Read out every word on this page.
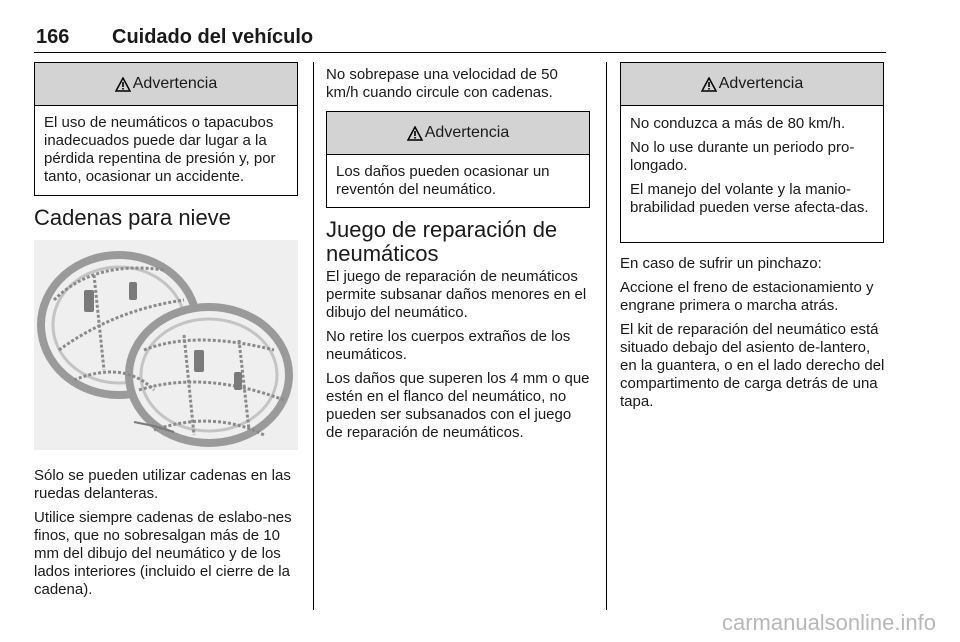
166 Cuidado del vehículo
Advertencia

El uso de neumáticos o tapacubos inadecuados puede dar lugar a la pérdida repentina de presión y, por tanto, ocasionar un accidente.

Cadenas para nieve

Sólo se pueden utilizar cadenas en las ruedas delanteras.

Utilice siempre cadenas de eslabo-nes finos, que no sobresalgan más de 10 mm del dibujo del neumático y de los lados interiores (incluido el cierre de la cadena).

No sobrepase una velocidad de 50 km/h cuando circule con cadenas.

Advertencia

Los daños pueden ocasionar un reventón del neumático.

Juego de reparación de neumáticos

El juego de reparación de neumáticos permite subsanar daños menores en el dibujo del neumático.

No retire los cuerpos extraños de los neumáticos.

Los daños que superen los 4 mm o que estén en el flanco del neumático, no pueden ser subsanados con el juego de reparación de neumáticos.

Advertencia

No conduzca a más de 80 km/h.

No lo use durante un periodo pro-longado.

El manejo del volante y la manio-brabilidad pueden verse afecta-das.

En caso de sufrir un pinchazo:

Accione el freno de estacionamiento y engrane primera o marcha atrás.

El kit de reparación del neumático está situado debajo del asiento de-lantero, en la guantera, o en el lado derecho del compartimento de carga detrás de una tapa.

carmanualsonline.info
